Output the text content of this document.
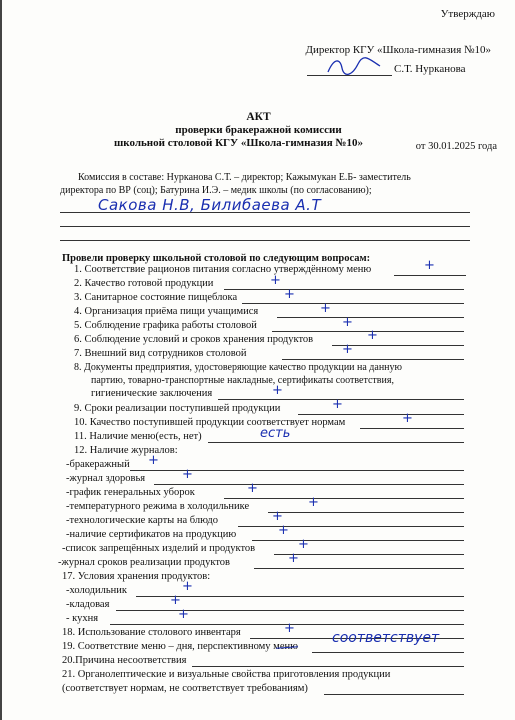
Утверждаю
Директор КГУ «Школа-гимназия №10»
С.Т. Нурканова
АКТ
проверки бракеражной комиссии
школьной столовой КГУ «Школа-гимназия №10»	от 30.01.2025 года
Комиссия в составе: Нурканова С.Т. – директор; Кажымукан Е.Б- заместитель
директора по ВР (соц); Батурина И.Э. – медик школы (по согласованию);
Сакова Н.В, Билибаева А.Т
Провели проверку школьной столовой по следующим вопросам:
1. Соответствие рационов питания согласно утверждённому меню
2. Качество готовой продукции
3. Санитарное состояние пищеблока
4. Организация приёма пищи учащимися
5. Соблюдение графика работы столовой
6. Соблюдение условий и сроков хранения продуктов
7. Внешний вид сотрудников столовой
8. Документы предприятия, удостоверяющие качество продукции на данную
партию, товарно-транспортные накладные, сертификаты соответствия,
гигиенические заключения
9. Сроки реализации поступившей продукции
10. Качество поступившей продукции соответствует нормам
11. Наличие меню(есть, нет)
12. Наличие журналов:
-бракеражный
-журнал здоровья
-график генеральных уборок
-температурного режима в холодильнике
-технологические карты на блюдо
-наличие сертификатов на продукцию
-список запрещённых изделий и продуктов
-журнал сроков реализации продуктов
17. Условия хранения продуктов:
-холодильник
-кладовая
- кухня
18. Использование столового инвентаря
19. Соответствие меню – дня, перспективному меню
20.Причина несоответствия
21. Органолептические и визуальные свойства приготовления продукции
(соответствует нормам, не соответствует требованиям)
+
+
+
+
+
+
+
+
+
+
есть
+
+
+
+
+
+
+
+
+
+
+
+
соответствует
